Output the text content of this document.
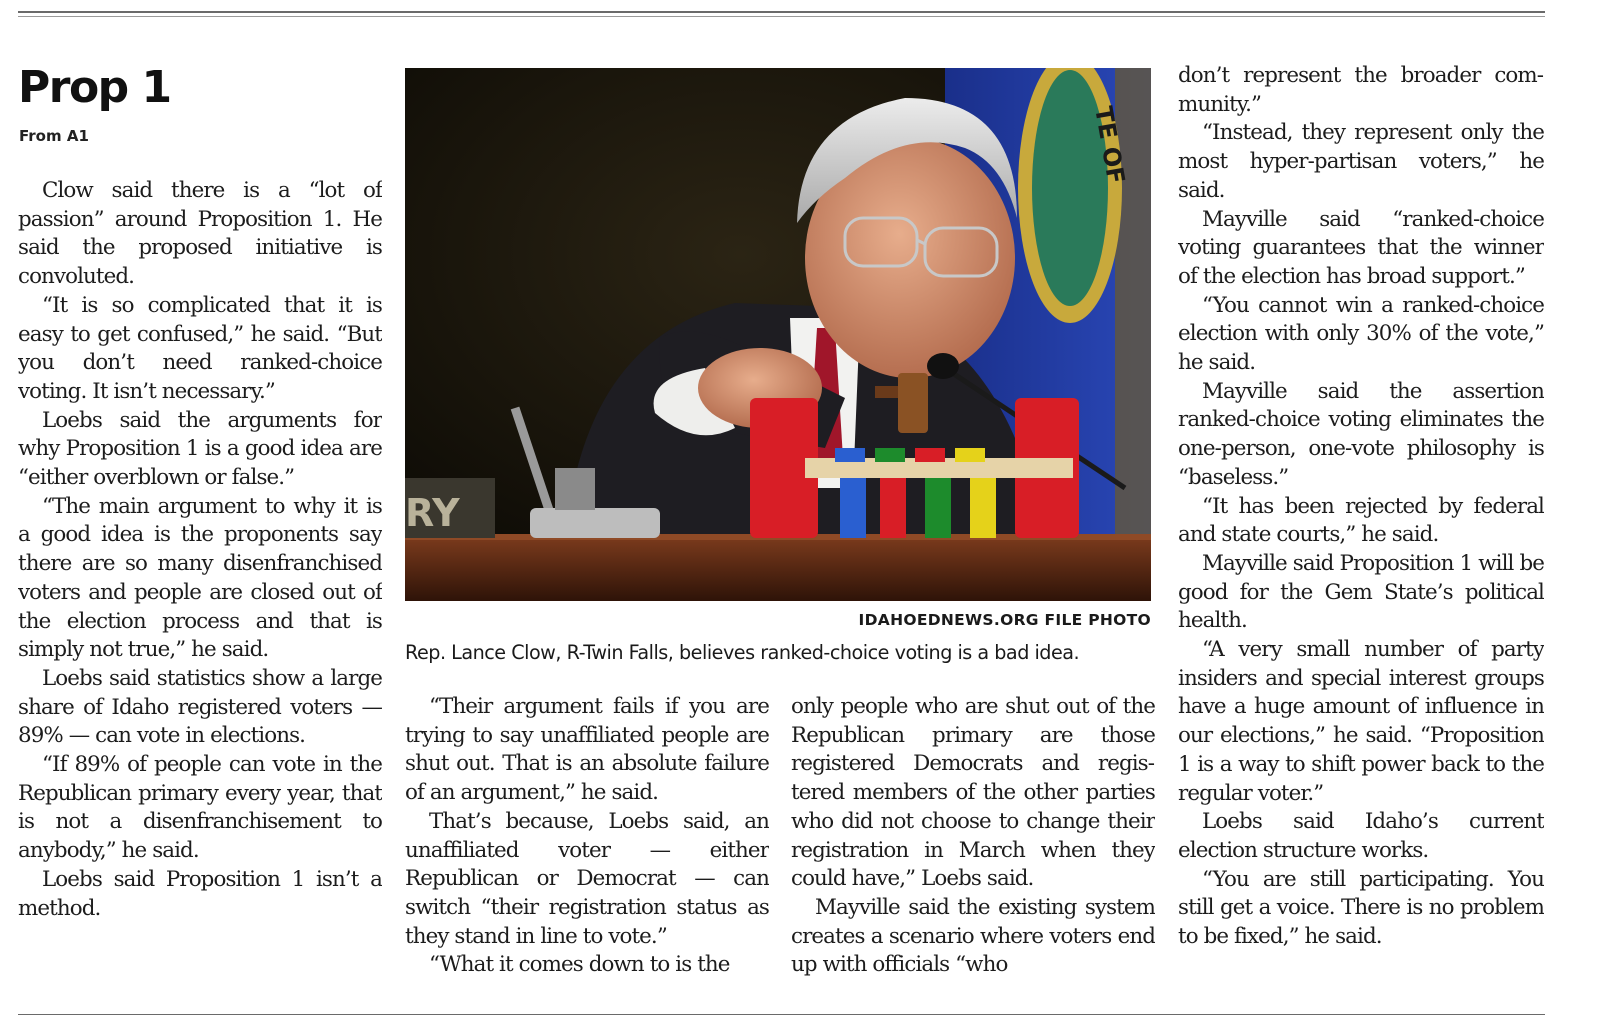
Prop 1
From A1

Clow said there is a “lot of passion” around Proposition 1. He said the proposed initiative is convoluted.

“It is so complicated that it is easy to get confused,” he said. “But you don’t need ranked-choice voting. It isn’t necessary.”

Loebs said the arguments for why Proposition 1 is a good idea are “either overblown or false.”

“The main argument to why it is a good idea is the proponents say there are so many disenfranchised voters and people are closed out of the election process and that is simply not true,” he said.

Loebs said statistics show a large share of Idaho registered voters — 89% — can vote in elections.

“If 89% of people can vote in the Republican primary every year, that is not a disenfranchisement to anybody,” he said.

Loebs said Proposition 1 isn’t a method.

TE OF
RY
IDAHOEDNEWS.ORG FILE PHOTO
Rep. Lance Clow, R-Twin Falls, believes ranked-choice voting is a bad idea.

“Their argument fails if you are trying to say unaffiliated people are shut out. That is an absolute failure of an argument,” he said.

That’s because, Loebs said, an unaffiliated voter — either Republican or Democrat — can switch “their registration status as they stand in line to vote.”

“What it comes down to is the

only people who are shut out of the Republican primary are those registered Democrats and registered members of the other parties who did not choose to change their registration in March when they could have,” Loebs said.

Mayville said the existing system creates a scenario where voters end up with officials “who

don’t represent the broader community.”

“Instead, they represent only the most hyper-partisan voters,” he said.

Mayville said “ranked-choice voting guarantees that the winner of the election has broad support.”

“You cannot win a ranked-choice election with only 30% of the vote,” he said.

Mayville said the assertion ranked-choice voting eliminates the one-person, one-vote philosophy is “baseless.”

“It has been rejected by federal and state courts,” he said.

Mayville said Proposition 1 will be good for the Gem State’s political health.

“A very small number of party insiders and special interest groups have a huge amount of influence in our elections,” he said. “Proposition 1 is a way to shift power back to the regular voter.”

Loebs said Idaho’s current election structure works.

“You are still participating. You still get a voice. There is no problem to be fixed,” he said.
